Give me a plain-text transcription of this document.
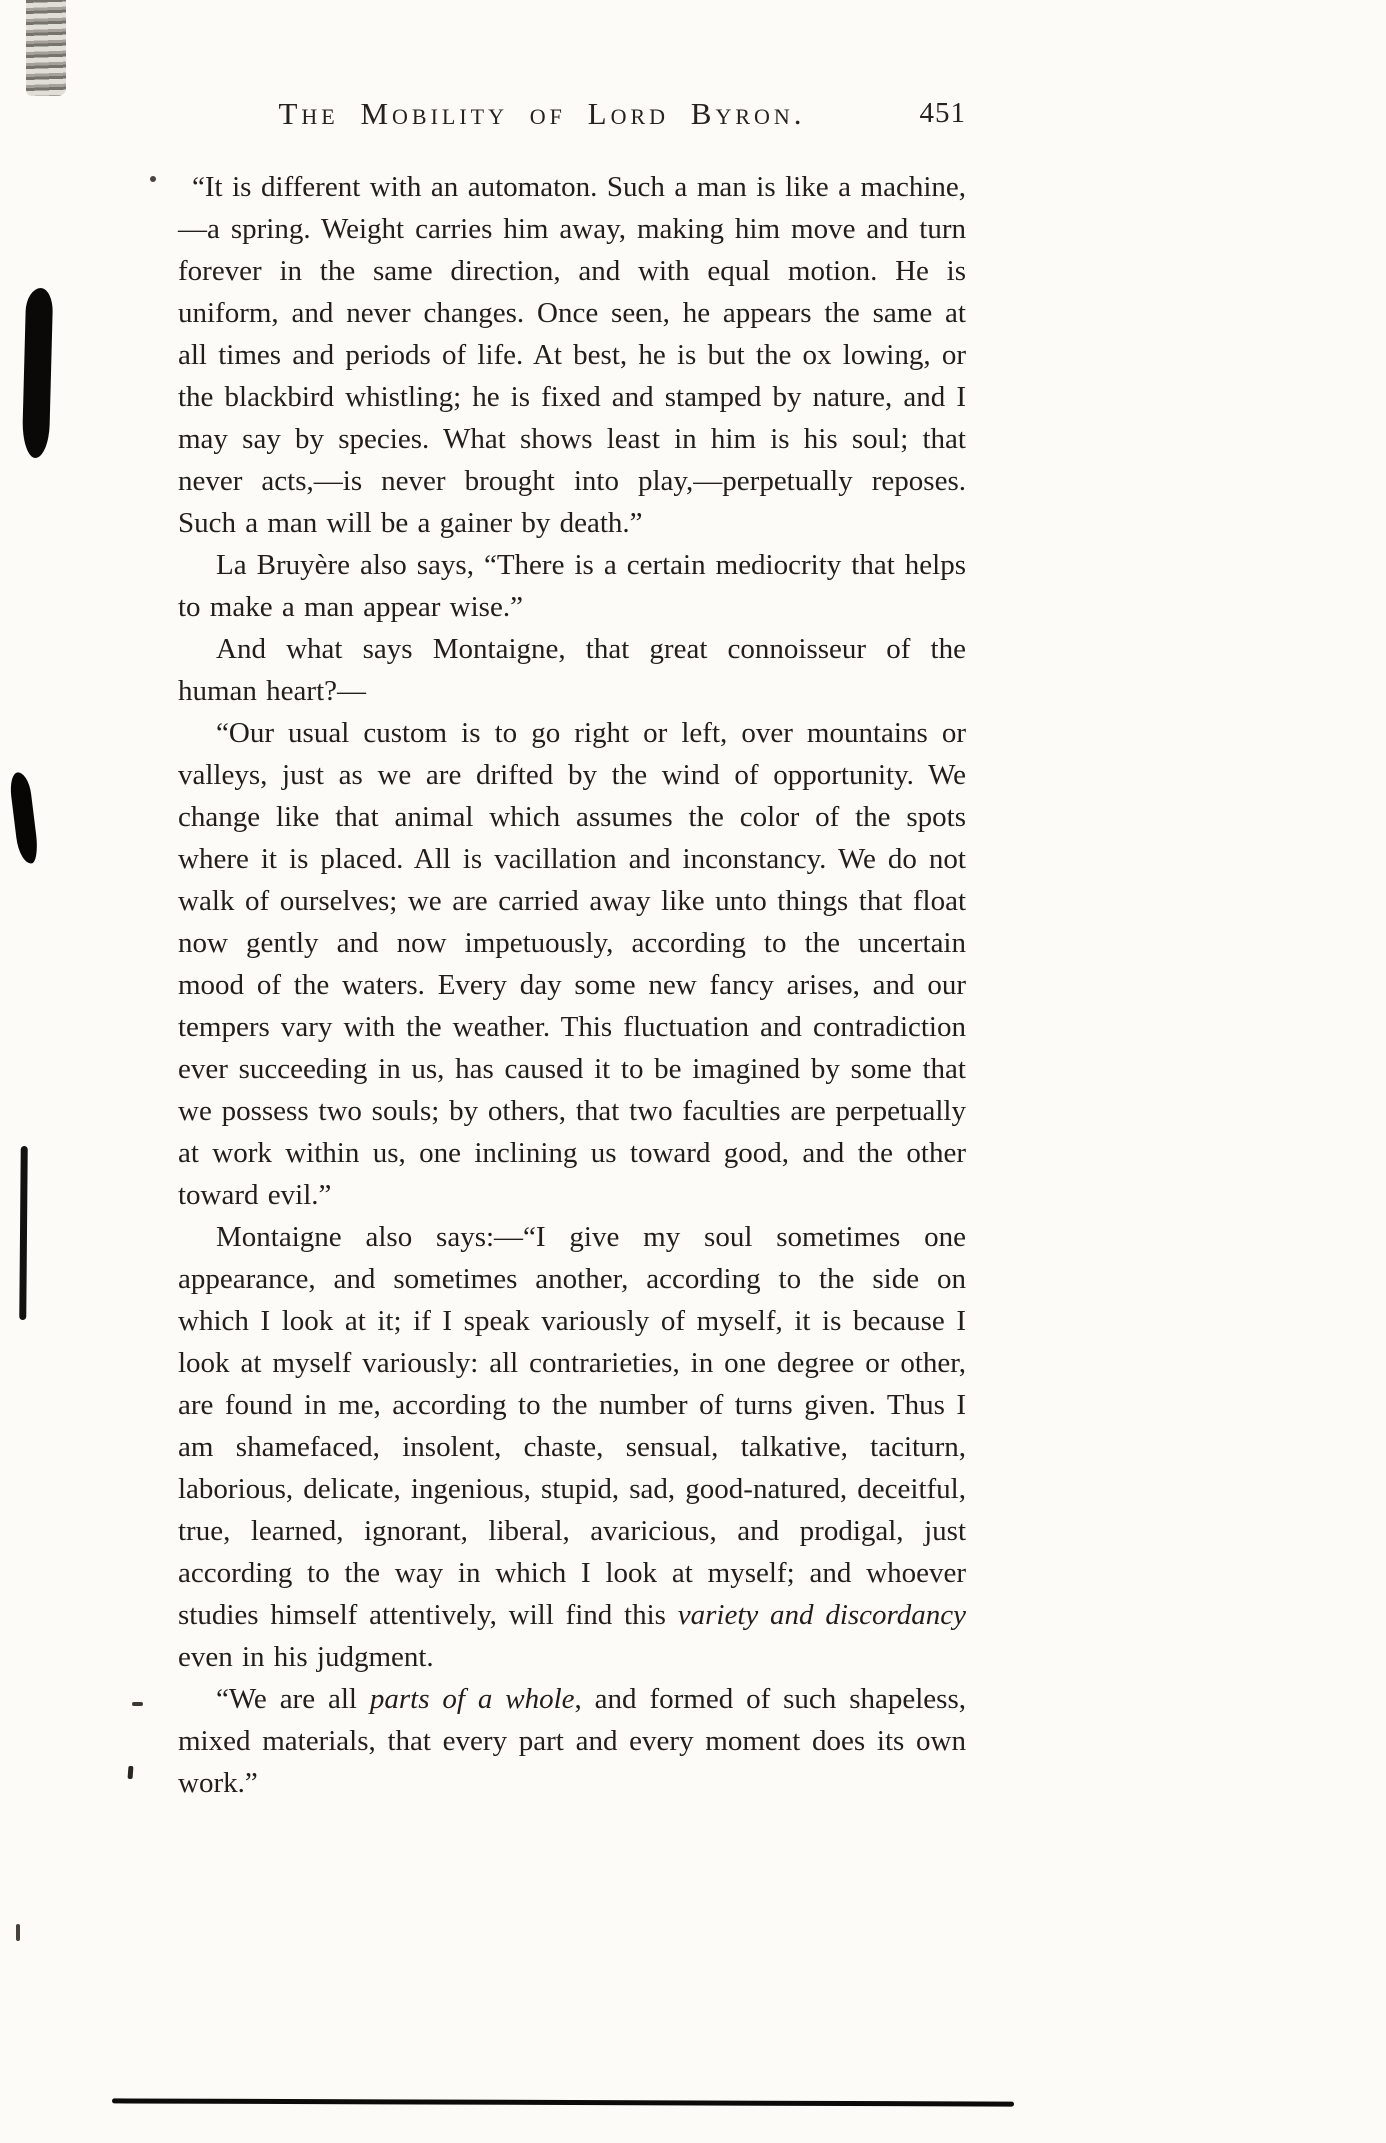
The Mobility of Lord Byron.	451

“It is different with an automaton. Such a man is like a machine,—a spring. Weight carries him away, making him move and turn forever in the same direction, and with equal motion. He is uniform, and never changes. Once seen, he appears the same at all times and periods of life. At best, he is but the ox lowing, or the blackbird whistling; he is fixed and stamped by nature, and I may say by species. What shows least in him is his soul; that never acts,—is never brought into play,—perpetually reposes. Such a man will be a gainer by death.”

La Bruyère also says, “There is a certain mediocrity that helps to make a man appear wise.”

And what says Montaigne, that great connoisseur of the human heart?—

“Our usual custom is to go right or left, over mountains or valleys, just as we are drifted by the wind of opportunity. We change like that animal which assumes the color of the spots where it is placed. All is vacillation and inconstancy. We do not walk of ourselves; we are carried away like unto things that float now gently and now impetuously, according to the uncertain mood of the waters. Every day some new fancy arises, and our tempers vary with the weather. This fluctuation and contradiction ever succeeding in us, has caused it to be imagined by some that we possess two souls; by others, that two faculties are perpetually at work within us, one inclining us toward good, and the other toward evil.”

Montaigne also says:—“I give my soul sometimes one appearance, and sometimes another, according to the side on which I look at it; if I speak variously of myself, it is because I look at myself variously: all contrarieties, in one degree or other, are found in me, according to the number of turns given. Thus I am shamefaced, insolent, chaste, sensual, talkative, taciturn, laborious, delicate, ingenious, stupid, sad, good-natured, deceitful, true, learned, ignorant, liberal, avaricious, and prodigal, just according to the way in which I look at myself; and whoever studies himself attentively, will find this variety and discordancy even in his judgment.

“We are all parts of a whole, and formed of such shapeless, mixed materials, that every part and every moment does its own work.”
